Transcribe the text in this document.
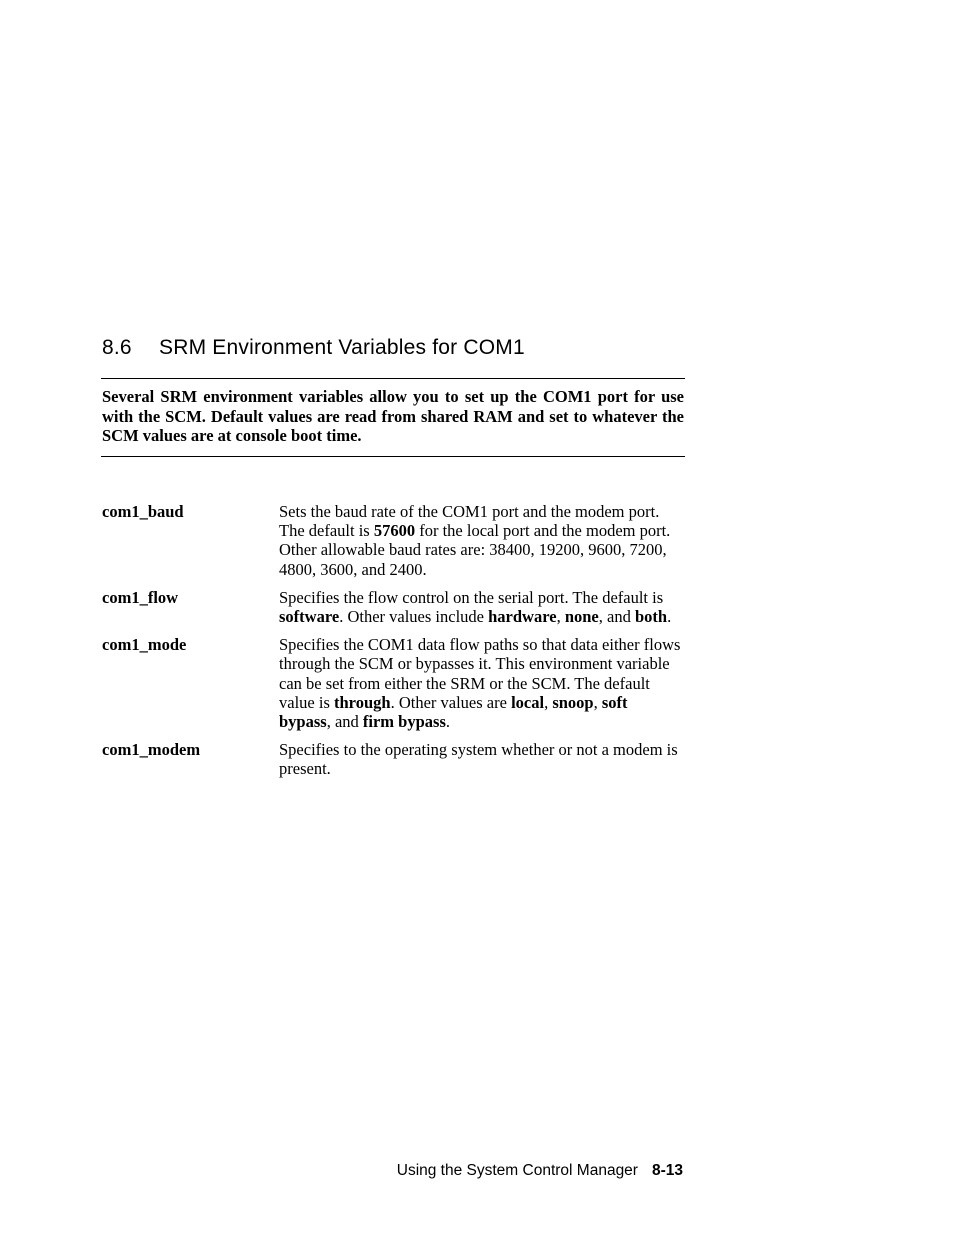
8.6 SRM Environment Variables for COM1

Several SRM environment variables allow you to set up the COM1 port for use with the SCM. Default values are read from shared RAM and set to whatever the SCM values are at console boot time.

com1_baud	Sets the baud rate of the COM1 port and the modem port. The default is 57600 for the local port and the modem port. Other allowable baud rates are: 38400, 19200, 9600, 7200, 4800, 3600, and 2400.
com1_flow	Specifies the flow control on the serial port. The default is software. Other values include hardware, none, and both.
com1_mode	Specifies the COM1 data flow paths so that data either flows through the SCM or bypasses it. This environment variable can be set from either the SRM or the SCM. The default value is through. Other values are local, snoop, soft bypass, and firm bypass.
com1_modem	Specifies to the operating system whether or not a modem is present.
Using the System Control Manager 8-13
